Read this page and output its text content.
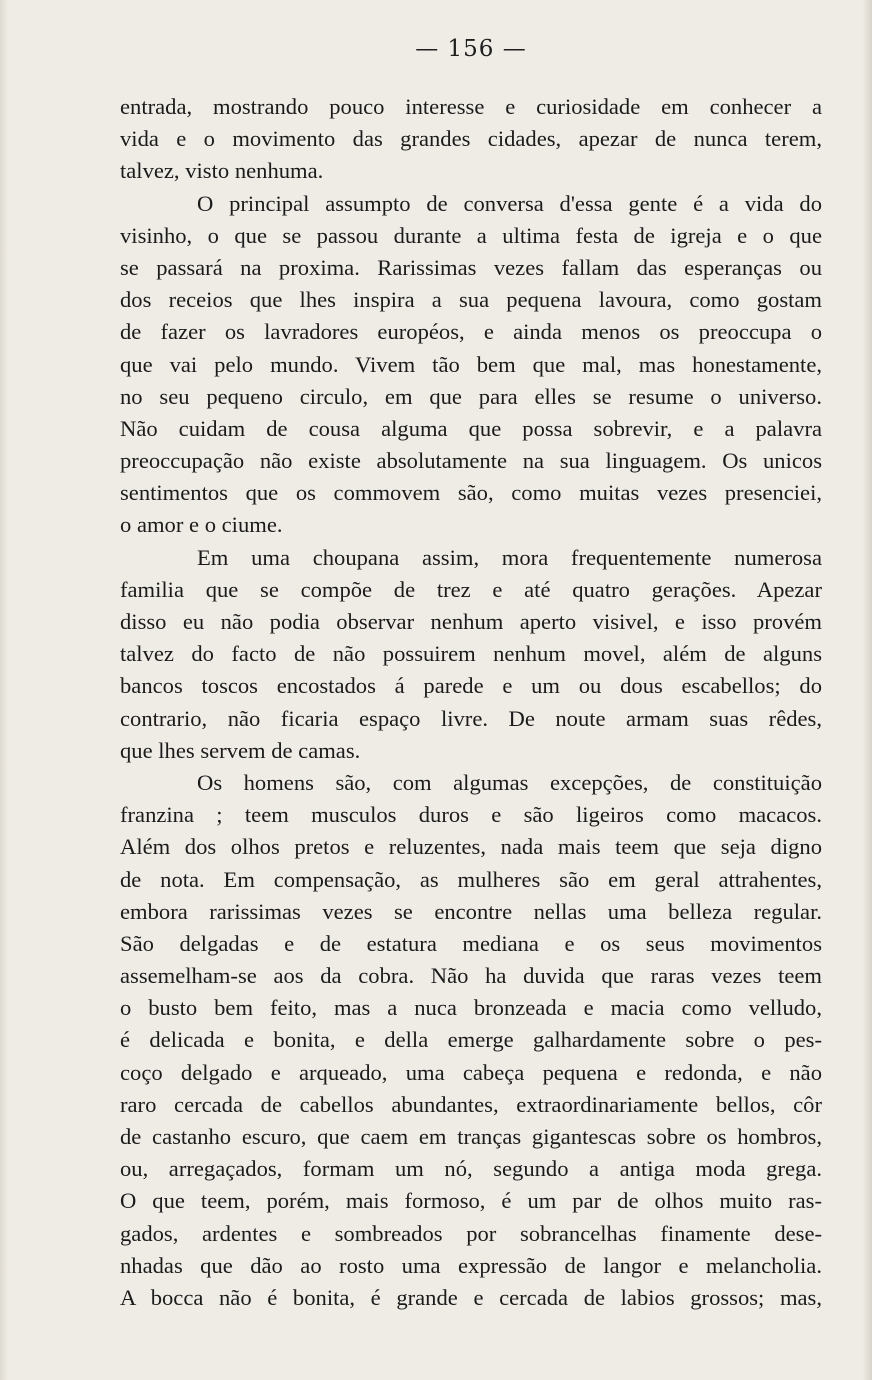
— 156 —
entrada, mostrando pouco interesse e curiosidade em conhecer a
vida e o movimento das grandes cidades, apezar de nunca terem,
talvez, visto nenhuma.
O principal assumpto de conversa d'essa gente é a vida do
visinho, o que se passou durante a ultima festa de igreja e o que
se passará na proxima. Rarissimas vezes fallam das esperanças ou
dos receios que lhes inspira a sua pequena lavoura, como gostam
de fazer os lavradores européos, e ainda menos os preoccupa o
que vai pelo mundo. Vivem tão bem que mal, mas honestamente,
no seu pequeno circulo, em que para elles se resume o universo.
Não cuidam de cousa alguma que possa sobrevir, e a palavra
preoccupação não existe absolutamente na sua linguagem. Os unicos
sentimentos que os commovem são, como muitas vezes presenciei,
o amor e o ciume.
Em uma choupana assim, mora frequentemente numerosa
familia que se compõe de trez e até quatro gerações. Apezar
disso eu não podia observar nenhum aperto visivel, e isso provém
talvez do facto de não possuirem nenhum movel, além de alguns
bancos toscos encostados á parede e um ou dous escabellos; do
contrario, não ficaria espaço livre. De noute armam suas rêdes,
que lhes servem de camas.
Os homens são, com algumas excepções, de constituição
franzina ; teem musculos duros e são ligeiros como macacos.
Além dos olhos pretos e reluzentes, nada mais teem que seja digno
de nota. Em compensação, as mulheres são em geral attrahentes,
embora rarissimas vezes se encontre nellas uma belleza regular.
São delgadas e de estatura mediana e os seus movimentos
assemelham-se aos da cobra. Não ha duvida que raras vezes teem
o busto bem feito, mas a nuca bronzeada e macia como velludo,
é delicada e bonita, e della emerge galhardamente sobre o pes-
coço delgado e arqueado, uma cabeça pequena e redonda, e não
raro cercada de cabellos abundantes, extraordinariamente bellos, côr
de castanho escuro, que caem em tranças gigantescas sobre os hombros,
ou, arregaçados, formam um nó, segundo a antiga moda grega.
O que teem, porém, mais formoso, é um par de olhos muito ras-
gados, ardentes e sombreados por sobrancelhas finamente dese-
nhadas que dão ao rosto uma expressão de langor e melancholia.
A bocca não é bonita, é grande e cercada de labios grossos; mas,
